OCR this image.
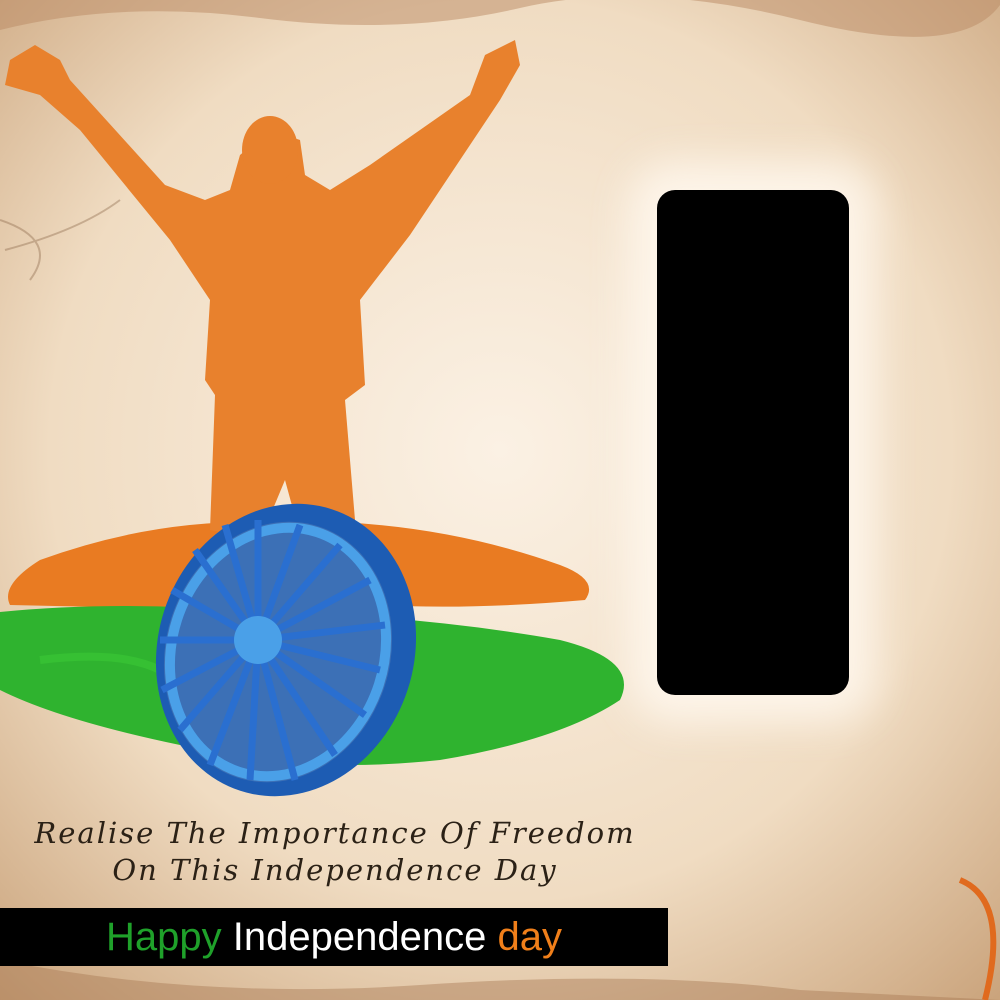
Realise The Importance Of Freedom
On This Independence Day
Happy
Independence
day
